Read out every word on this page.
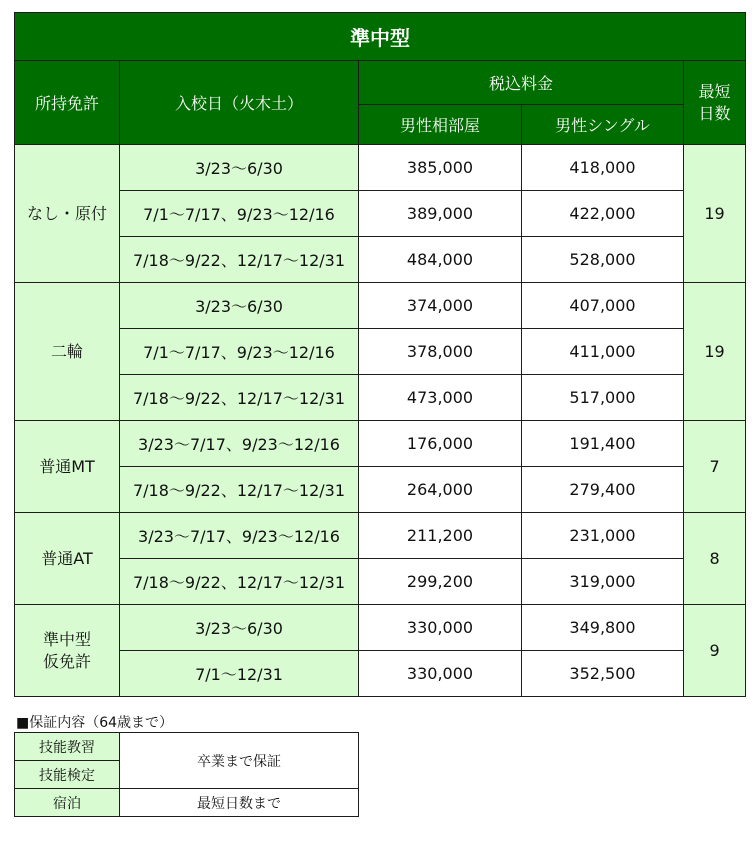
準中型				
所持免許	入校日（火木土）	税込料金		最短
日数
		男性相部屋	男性シングル	
なし・原付	3/23～6/30	385,000	418,000	19
	7/1～7/17、9/23～12/16	389,000	422,000	
	7/18～9/22、12/17～12/31	484,000	528,000	
二輪	3/23～6/30	374,000	407,000	19
	7/1～7/17、9/23～12/16	378,000	411,000	
	7/18～9/22、12/17～12/31	473,000	517,000	
普通MT	3/23～7/17、9/23～12/16	176,000	191,400	7
	7/18～9/22、12/17～12/31	264,000	279,400	
普通AT	3/23～7/17、9/23～12/16	211,200	231,000	8
	7/18～9/22、12/17～12/31	299,200	319,000	
準中型
仮免許	3/23～6/30	330,000	349,800	9
	7/1～12/31	330,000	352,500	
■保証内容（64歳まで）
技能教習	卒業まで保証
技能検定	
宿泊	最短日数まで
